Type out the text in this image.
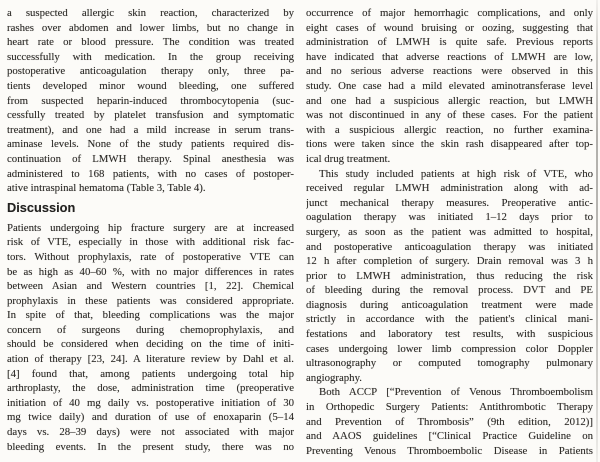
a suspected allergic skin reaction, characterized by
rashes over abdomen and lower limbs, but no change in
heart rate or blood pressure. The condition was treated
successfully with medication. In the group receiving
postoperative anticoagulation therapy only, three pa-
tients developed minor wound bleeding, one suffered
from suspected heparin-induced thrombocytopenia (suc-
cessfully treated by platelet transfusion and symptomatic
treatment), and one had a mild increase in serum trans-
aminase levels. None of the study patients required dis-
continuation of LMWH therapy. Spinal anesthesia was
administered to 168 patients, with no cases of postoper-
ative intraspinal hematoma (Table 3, Table 4).
Discussion
Patients undergoing hip fracture surgery are at increased
risk of VTE, especially in those with additional risk fac-
tors. Without prophylaxis, rate of postoperative VTE can
be as high as 40–60 %, with no major differences in rates
between Asian and Western countries [1, 22]. Chemical
prophylaxis in these patients was considered appropriate.
In spite of that, bleeding complications was the major
concern of surgeons during chemoprophylaxis, and
should be considered when deciding on the time of initi-
ation of therapy [23, 24]. A literature review by Dahl et al.
[4] found that, among patients undergoing total hip
arthroplasty, the dose, administration time (preoperative
initiation of 40 mg daily vs. postoperative initiation of 30
mg twice daily) and duration of use of enoxaparin (5–14
days vs. 28–39 days) were not associated with major
bleeding events. In the present study, there was no
occurrence of major hemorrhagic complications, and only
eight cases of wound bruising or oozing, suggesting that
administration of LMWH is quite safe. Previous reports
have indicated that adverse reactions of LMWH are low,
and no serious adverse reactions were observed in this
study. One case had a mild elevated aminotransferase level
and one had a suspicious allergic reaction, but LMWH
was not discontinued in any of these cases. For the patient
with a suspicious allergic reaction, no further examina-
tions were taken since the skin rash disappeared after top-
ical drug treatment.
This study included patients at high risk of VTE, who
received regular LMWH administration along with ad-
junct mechanical therapy measures. Preoperative antic-
oagulation therapy was initiated 1–12 days prior to
surgery, as soon as the patient was admitted to hospital,
and postoperative anticoagulation therapy was initiated
12 h after completion of surgery. Drain removal was 3 h
prior to LMWH administration, thus reducing the risk
of bleeding during the removal process. DVT and PE
diagnosis during anticoagulation treatment were made
strictly in accordance with the patient's clinical mani-
festations and laboratory test results, with suspicious
cases undergoing lower limb compression color Doppler
ultrasonography or computed tomography pulmonary
angiography.
Both ACCP [“Prevention of Venous Thromboembolism
in Orthopedic Surgery Patients: Antithrombotic Therapy
and Prevention of Thrombosis” (9th edition, 2012)]
and AAOS guidelines [“Clinical Practice Guideline on
Preventing Venous Thromboembolic Disease in Patients
